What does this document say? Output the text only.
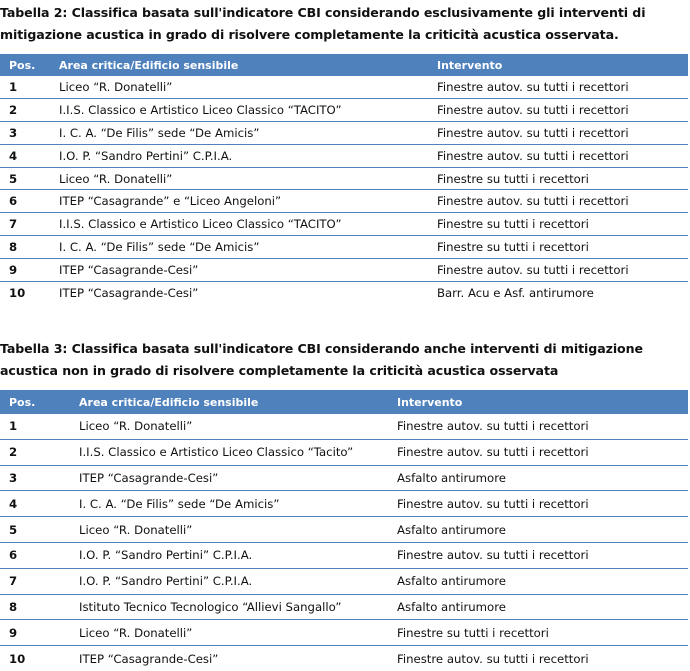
Tabella 2: Classifica basata sull'indicatore CBI considerando esclusivamente gli interventi di mitigazione acustica in grado di risolvere completamente la criticità acustica osservata.
Pos.	Area critica/Edificio sensibile	Intervento
1	Liceo “R. Donatelli”	Finestre autov. su tutti i recettori
2	I.I.S. Classico e Artistico Liceo Classico “TACITO”	Finestre autov. su tutti i recettori
3	I. C. A. “De Filis” sede “De Amicis”	Finestre autov. su tutti i recettori
4	I.O. P. “Sandro Pertini” C.P.I.A.	Finestre autov. su tutti i recettori
5	Liceo “R. Donatelli”	Finestre su tutti i recettori
6	ITEP “Casagrande” e “Liceo Angeloni”	Finestre autov. su tutti i recettori
7	I.I.S. Classico e Artistico Liceo Classico “TACITO”	Finestre su tutti i recettori
8	I. C. A. “De Filis” sede “De Amicis”	Finestre su tutti i recettori
9	ITEP “Casagrande-Cesi”	Finestre autov. su tutti i recettori
10	ITEP “Casagrande-Cesi”	Barr. Acu e Asf. antirumore
Tabella 3: Classifica basata sull'indicatore CBI considerando anche interventi di mitigazione acustica non in grado di risolvere completamente la criticità acustica osservata
Pos.	Area critica/Edificio sensibile	Intervento
1	Liceo “R. Donatelli”	Finestre autov. su tutti i recettori
2	I.I.S. Classico e Artistico Liceo Classico “Tacito”	Finestre autov. su tutti i recettori
3	ITEP “Casagrande-Cesi”	Asfalto antirumore
4	I. C. A. “De Filis” sede “De Amicis”	Finestre autov. su tutti i recettori
5	Liceo “R. Donatelli”	Asfalto antirumore
6	I.O. P. “Sandro Pertini” C.P.I.A.	Finestre autov. su tutti i recettori
7	I.O. P. “Sandro Pertini” C.P.I.A.	Asfalto antirumore
8	Istituto Tecnico Tecnologico “Allievi Sangallo”	Asfalto antirumore
9	Liceo “R. Donatelli”	Finestre su tutti i recettori
10	ITEP “Casagrande-Cesi”	Finestre autov. su tutti i recettori
